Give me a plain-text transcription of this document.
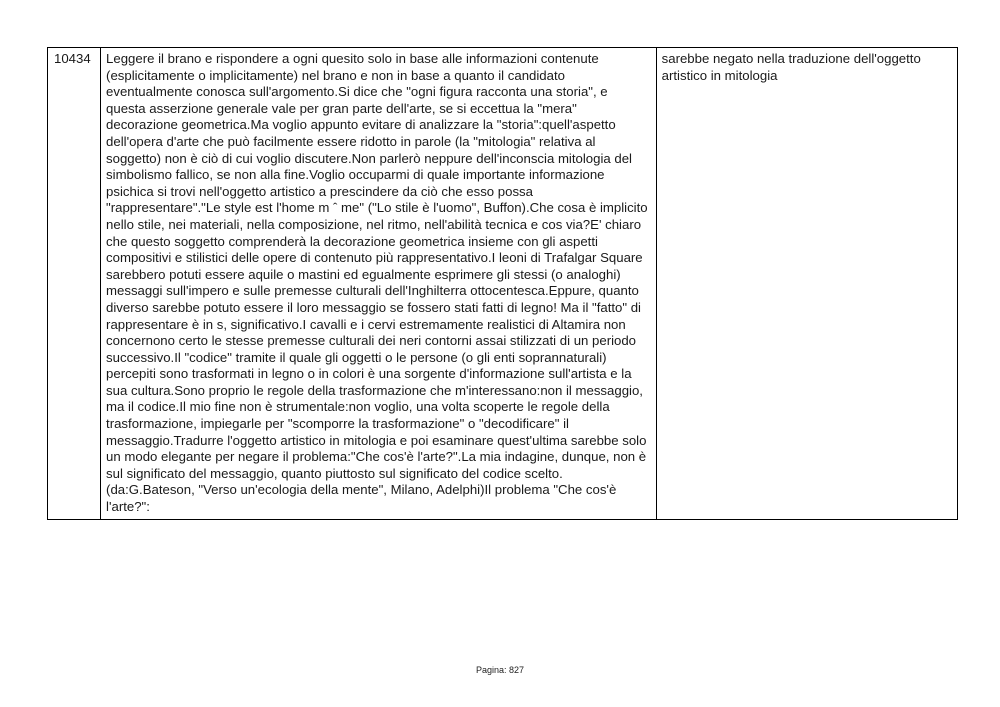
10434	Leggere il brano e rispondere a ogni quesito solo in base alle informazioni contenute (esplicitamente o implicitamente) nel brano e non in base a quanto il candidato eventualmente conosca sull'argomento.Si dice che "ogni figura racconta una storia", e questa asserzione generale vale per gran parte dell'arte, se si eccettua la "mera" decorazione geometrica.Ma voglio appunto evitare di analizzare la "storia":quell'aspetto dell'opera d'arte che può facilmente essere ridotto in parole (la "mitologia" relativa al soggetto) non è ciò di cui voglio discutere.Non parlerò neppure dell'inconscia mitologia del simbolismo fallico, se non alla fine.Voglio occuparmi di quale importante informazione psichica si trovi nell'oggetto artistico a prescindere da ciò che esso possa "rappresentare"."Le style est l'home m ˆ me" ("Lo stile è l'uomo", Buffon).Che cosa è implicito nello stile, nei materiali, nella composizione, nel ritmo, nell'abilità tecnica e cos via?E' chiaro che questo soggetto comprenderà la decorazione geometrica insieme con gli aspetti compositivi e stilistici delle opere di contenuto più rappresentativo.I leoni di Trafalgar Square sarebbero potuti essere aquile o mastini ed egualmente esprimere gli stessi (o analoghi) messaggi sull'impero e sulle premesse culturali dell'Inghilterra ottocentesca.Eppure, quanto diverso sarebbe potuto essere il loro messaggio se fossero stati fatti di legno! Ma il "fatto" di rappresentare è in s, significativo.I cavalli e i cervi estremamente realistici di Altamira non concernono certo le stesse premesse culturali dei neri contorni assai stilizzati di un periodo successivo.Il "codice" tramite il quale gli oggetti o le persone (o gli enti soprannaturali) percepiti sono trasformati in legno o in colori è una sorgente d'informazione sull'artista e la sua cultura.Sono proprio le regole della trasformazione che m'interessano:non il messaggio, ma il codice.Il mio fine non è strumentale:non voglio, una volta scoperte le regole della trasformazione, impiegarle per "scomporre la trasformazione" o "decodificare" il messaggio.Tradurre l'oggetto artistico in mitologia e poi esaminare quest'ultima sarebbe solo un modo elegante per negare il problema:"Che cos'è l'arte?".La mia indagine, dunque, non è sul significato del messaggio, quanto piuttosto sul significato del codice scelto.(da:G.Bateson, "Verso un'ecologia della mente", Milano, Adelphi)Il problema "Che cos'è l'arte?":	sarebbe negato nella traduzione dell'oggetto artistico in mitologia
Pagina: 827
